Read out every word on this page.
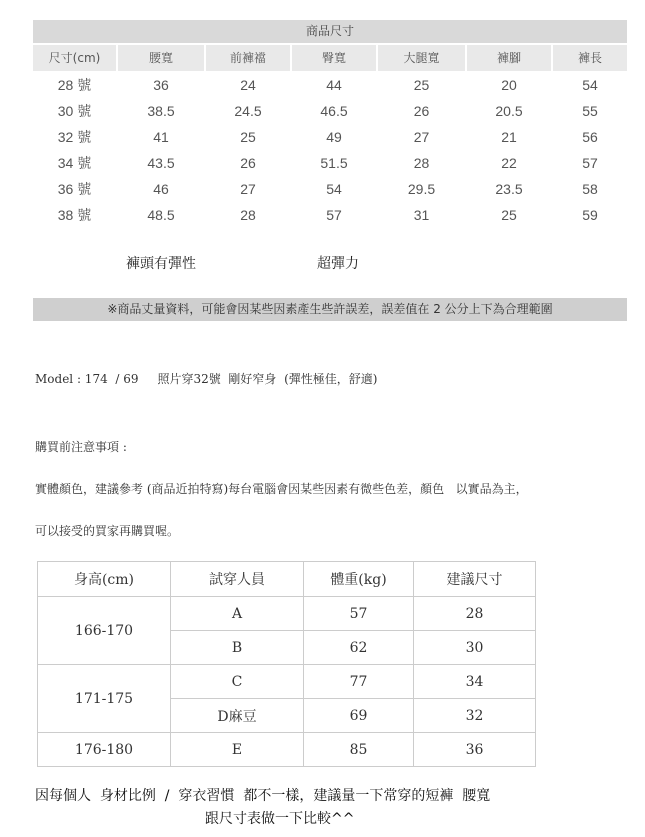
商品尺寸
尺寸(cm)	腰寬	前褲襠	臀寬	大腿寬	褲腳	褲長
28 號	36	24	44	25	20	54
30 號	38.5	24.5	46.5	26	20.5	55
32 號	41	25	49	27	21	56
34 號	43.5	26	51.5	28	22	57
36 號	46	27	54	29.5	23.5	58
38 號	48.5	28	57	31	25	59
褲頭有彈性	超彈力
※商品丈量資料，可能會因某些因素產生些許誤差，誤差值在 2 公分上下為合理範圍
Model : 174  / 69     照片穿32號  剛好窄身  (彈性極佳，舒適)
購買前注意事項 :
實體顏色，建議參考 (商品近拍特寫)每台電腦會因某些因素有微些色差，顏色   以實品為主，
可以接受的買家再購買喔。
身高(cm)	試穿人員	體重(kg)	建議尺寸
166-170	A	57	28
	B	62	30
171-175	C	77	34
	D麻豆	69	32
176-180	E	85	36
因每個人  身材比例  /  穿衣習慣  都不一樣，建議量一下常穿的短褲  腰寬
跟尺寸表做一下比較^^
